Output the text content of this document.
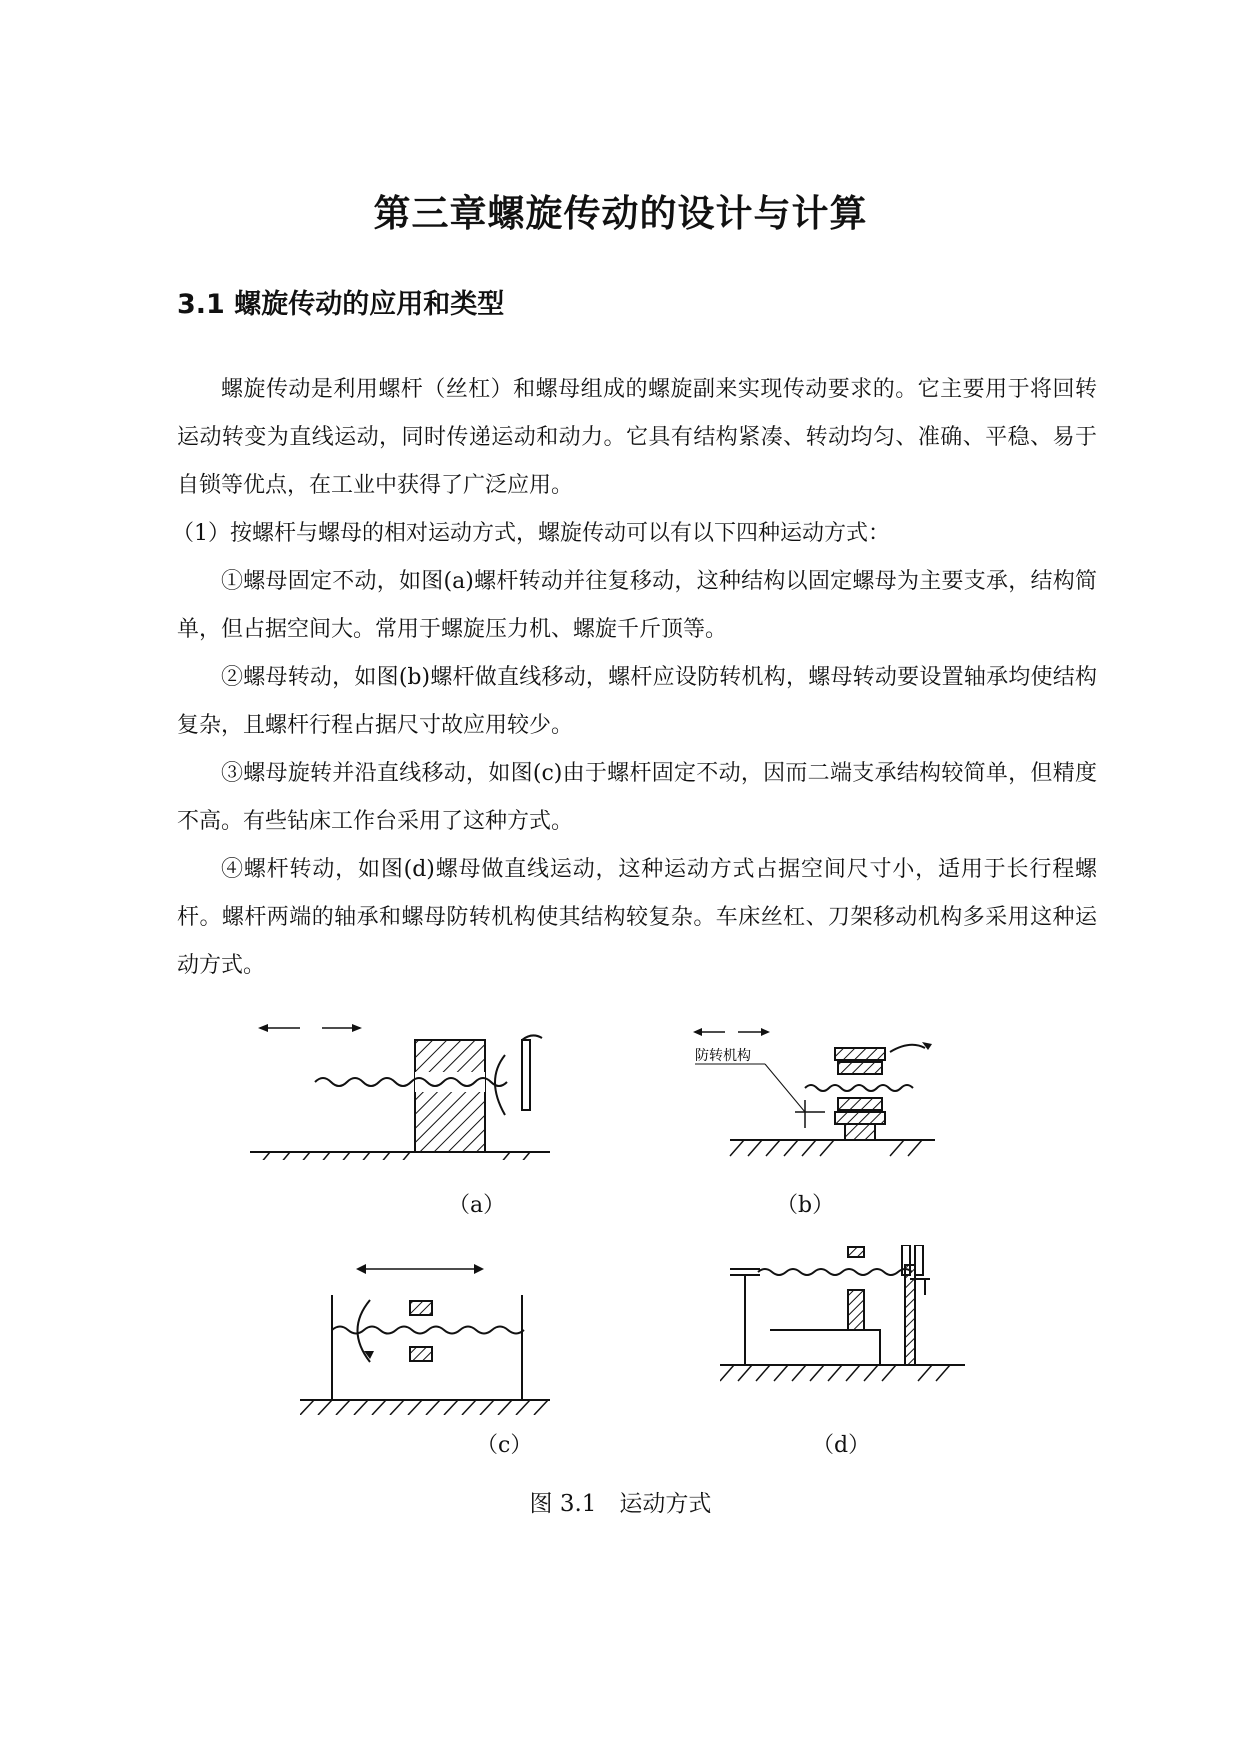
第三章螺旋传动的设计与计算
3.1 螺旋传动的应用和类型

螺旋传动是利用螺杆（丝杠）和螺母组成的螺旋副来实现传动要求的。它主要用于将回转运动转变为直线运动，同时传递运动和动力。它具有结构紧凑、转动均匀、准确、平稳、易于自锁等优点，在工业中获得了广泛应用。

（1）按螺杆与螺母的相对运动方式，螺旋传动可以有以下四种运动方式：

①螺母固定不动，如图(a)螺杆转动并往复移动，这种结构以固定螺母为主要支承，结构简单，但占据空间大。常用于螺旋压力机、螺旋千斤顶等。

②螺母转动，如图(b)螺杆做直线移动，螺杆应设防转机构，螺母转动要设置轴承均使结构复杂，且螺杆行程占据尺寸故应用较少。

③螺母旋转并沿直线移动，如图(c)由于螺杆固定不动，因而二端支承结构较简单，但精度不高。有些钻床工作台采用了这种方式。

④螺杆转动，如图(d)螺母做直线运动，这种运动方式占据空间尺寸小，适用于长行程螺杆。螺杆两端的轴承和螺母防转机构使其结构较复杂。车床丝杠、刀架移动机构多采用这种运动方式。

（a）
防转机构
（b）
（c）	（d）

图 3.1　运动方式
